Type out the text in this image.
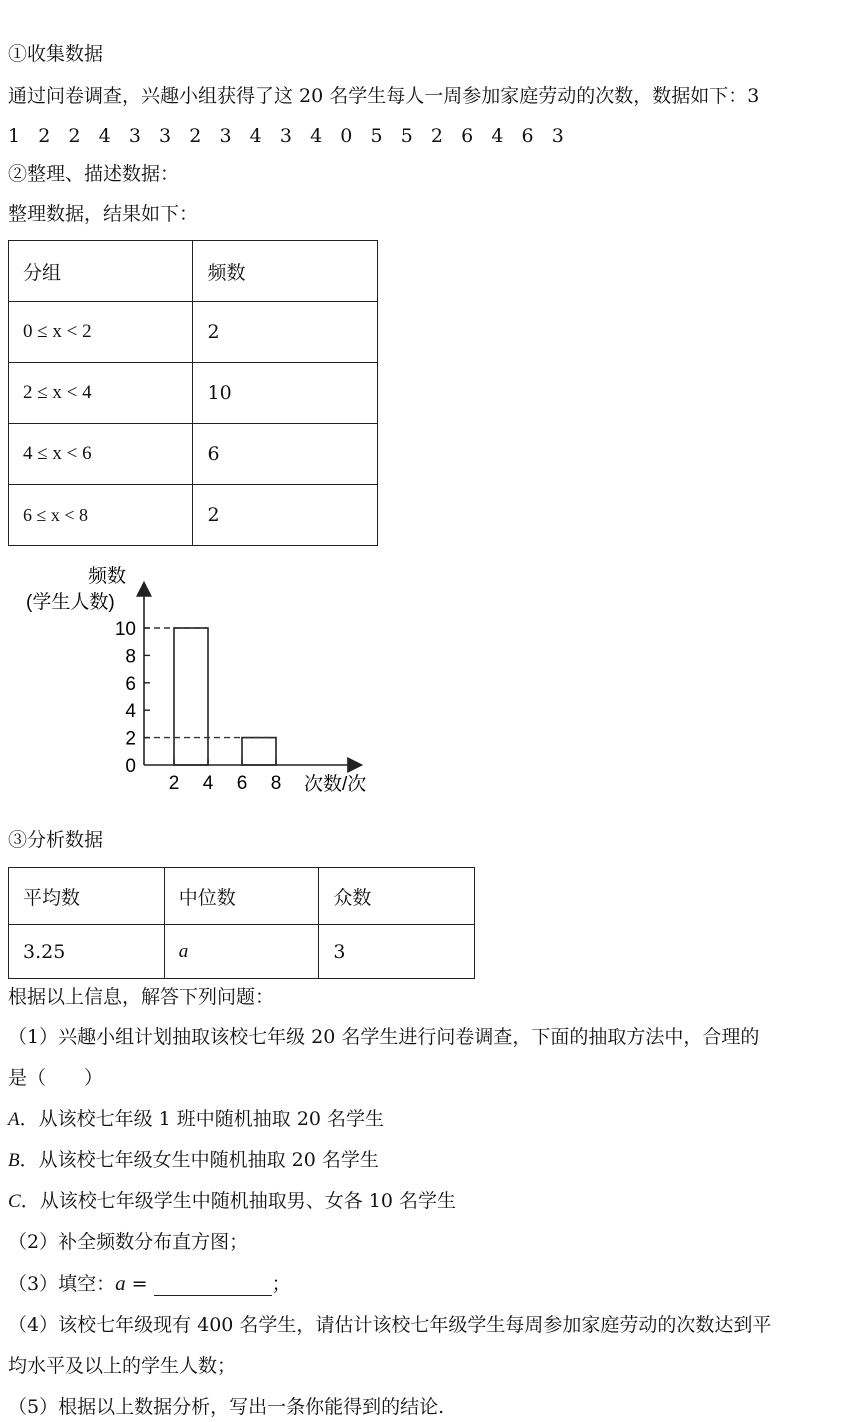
①收集数据
通过问卷调查，兴趣小组获得了这 20 名学生每人一周参加家庭劳动的次数，数据如下：3
1   2   2   4   3   3   2   3   4   3   4   0   5   5   2   6   4   6   3
②整理、描述数据：
整理数据，结果如下：
分组	频数
0 ≤ x < 2	2
2 ≤ x < 4	10
4 ≤ x < 6	6
6 ≤ x < 8	2
频数
(学生人数)
次数/次
0
2
4
6
8
10
2 4 6 8
③分析数据
平均数	中位数	众数
3.25	a	3
根据以上信息，解答下列问题：
（1）兴趣小组计划抽取该校七年级 20 名学生进行问卷调查，下面的抽取方法中，合理的
是（　　）
A．从该校七年级 1 班中随机抽取 20 名学生
B．从该校七年级女生中随机抽取 20 名学生
C．从该校七年级学生中随机抽取男、女各 10 名学生
（2）补全频数分布直方图；
（3）填空：a =	；
（4）该校七年级现有 400 名学生，请估计该校七年级学生每周参加家庭劳动的次数达到平
均水平及以上的学生人数；
（5）根据以上数据分析，写出一条你能得到的结论.
